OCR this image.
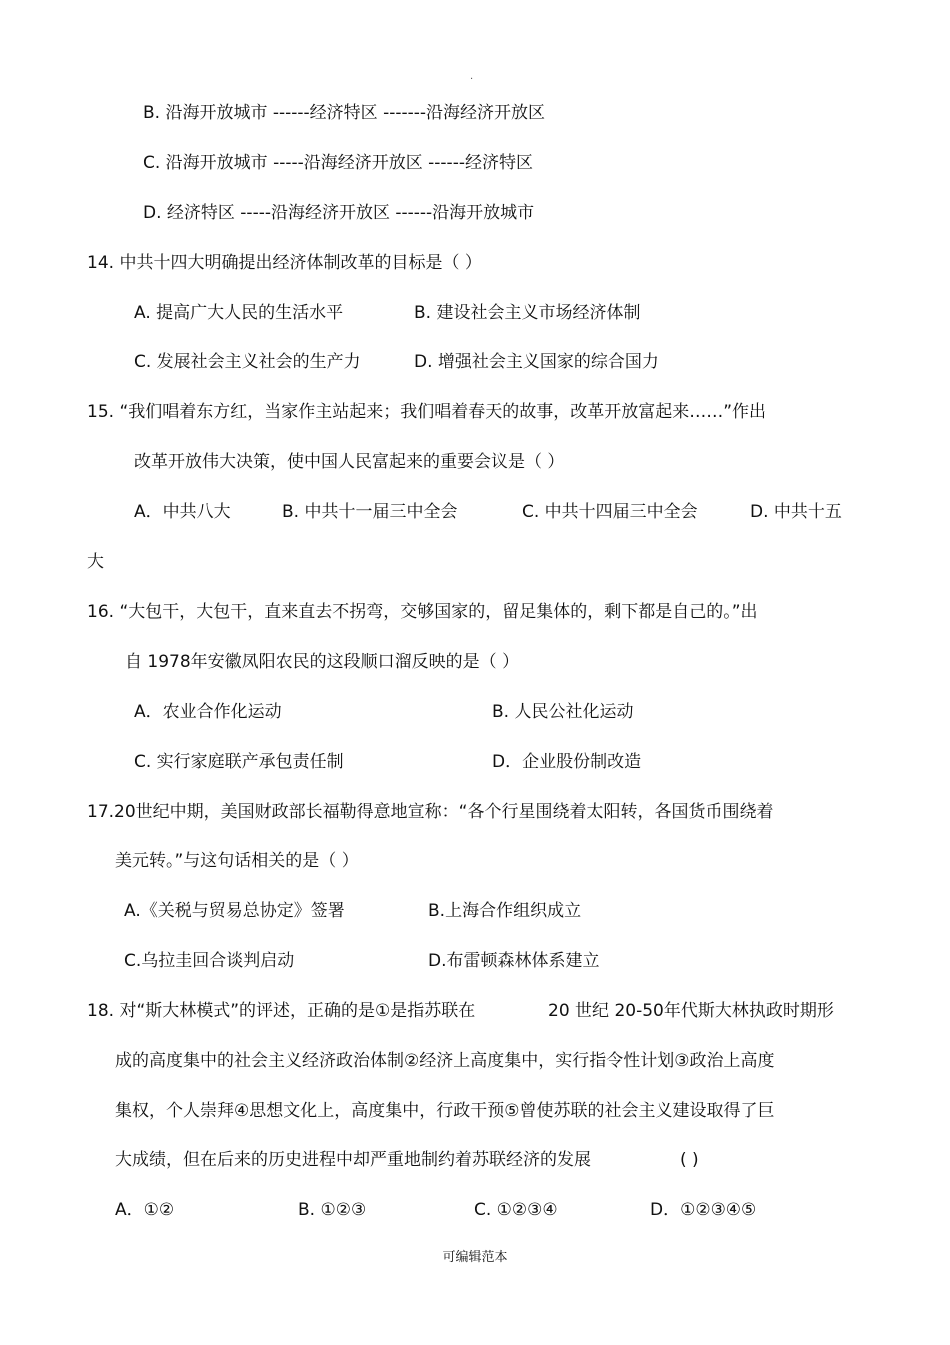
.
B. 沿海开放城市 ------经济特区 -------沿海经济开放区
C. 沿海开放城市 -----沿海经济开放区 ------经济特区
D. 经济特区 -----沿海经济开放区 ------沿海开放城市
14. 中共十四大明确提出经济体制改革的目标是（ ）
A. 提高广大人民的生活水平	B. 建设社会主义市场经济体制
C. 发展社会主义社会的生产力	D. 增强社会主义国家的综合国力
15. “我们唱着东方红，当家作主站起来；我们唱着春天的故事，改革开放富起来……”作出
改革开放伟大决策，使中国人民富起来的重要会议是（ ）
A．中共八大	B. 中共十一届三中全会	C. 中共十四届三中全会	D. 中共十五
大
16. “大包干，大包干，直来直去不拐弯，交够国家的，留足集体的，剩下都是自己的。”出
自 1978年安徽凤阳农民的这段顺口溜反映的是（ ）
A．农业合作化运动	B. 人民公社化运动
C. 实行家庭联产承包责任制	D．企业股份制改造
17.20世纪中期，美国财政部长福勒得意地宣称：“各个行星围绕着太阳转，各国货币围绕着
美元转。”与这句话相关的是（ ）
A.《关税与贸易总协定》签署	B.上海合作组织成立
C.乌拉圭回合谈判启动	D.布雷顿森林体系建立
18. 对“斯大林模式”的评述，正确的是①是指苏联在	20 世纪 20-50年代斯大林执政时期形
成的高度集中的社会主义经济政治体制②经济上高度集中，实行指令性计划③政治上高度
集权，个人崇拜④思想文化上，高度集中，行政干预⑤曾使苏联的社会主义建设取得了巨
大成绩，但在后来的历史进程中却严重地制约着苏联经济的发展	( )
A．①②	B. ①②③	C. ①②③④	D．①②③④⑤
可编辑范本
